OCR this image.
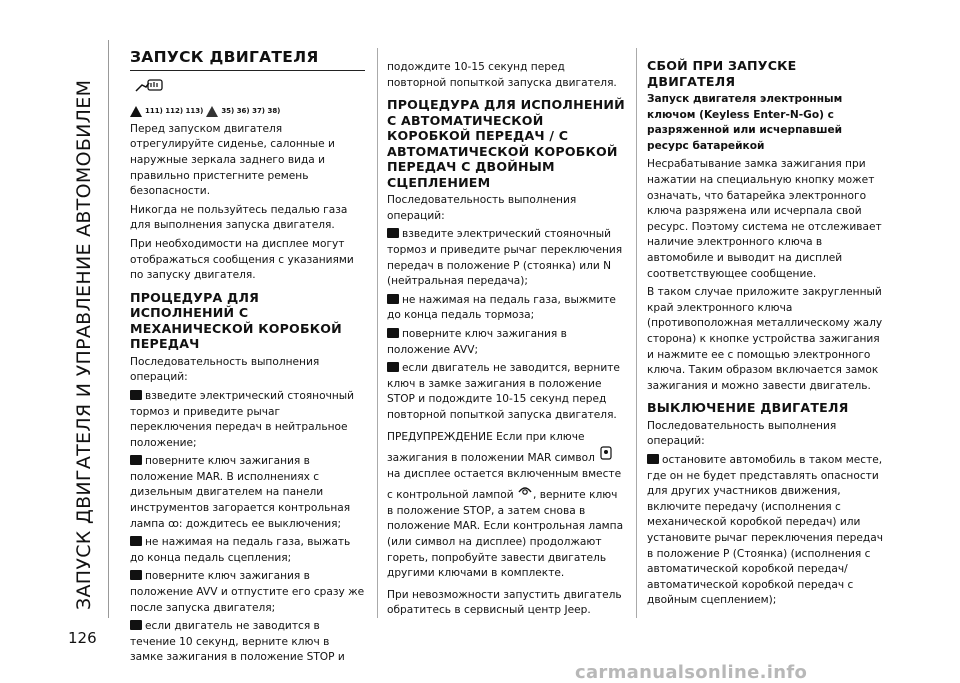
ЗАПУСК ДВИГАТЕЛЯ И УПРАВЛЕНИЕ АВТОМОБИЛЕМ
126
ЗАПУСК ДВИГАТЕЛЯ
111) 112) 113)	35) 36) 37) 38)

Перед запуском двигателя отрегулируйте сиденье, салонные и наружные зеркала заднего вида и правильно пристегните ремень безопасности.

Никогда не пользуйтесь педалью газа для выполнения запуска двигателя.

При необходимости на дисплее могут отображаться сообщения с указаниями по запуску двигателя.

ПРОЦЕДУРА ДЛЯ ИСПОЛНЕНИЙ С МЕХАНИЧЕСКОЙ КОРОБКОЙ ПЕРЕДАЧ

Последовательность выполнения операций:

взведите электрический стояночный тормоз и приведите рычаг переключения передач в нейтральное положение;

поверните ключ зажигания в положение MAR. В исполнениях с дизельным двигателем на панели инструментов загорается контрольная лампа ꝏ: дождитесь ее выключения;

не нажимая на педаль газа, выжать до конца педаль сцепления;

поверните ключ зажигания в положение AVV и отпустите его сразу же после запуска двигателя;

если двигатель не заводится в течение 10 секунд, верните ключ в замке зажигания в положение STOP и

подождите 10-15 секунд перед повторной попыткой запуска двигателя.

ПРОЦЕДУРА ДЛЯ ИСПОЛНЕНИЙ С АВТОМАТИЧЕСКОЙ КОРОБКОЙ ПЕРЕДАЧ / С АВТОМАТИЧЕСКОЙ КОРОБКОЙ ПЕРЕДАЧ С ДВОЙНЫМ СЦЕПЛЕНИЕМ

Последовательность выполнения операций:

взведите электрический стояночный тормоз и приведите рычаг переключения передач в положение P (стоянка) или N (нейтральная передача);

не нажимая на педаль газа, выжмите до конца педаль тормоза;

поверните ключ зажигания в положение AVV;

если двигатель не заводится, верните ключ в замке зажигания в положение STOP и подождите 10-15 секунд перед повторной попыткой запуска двигателя.

ПРЕДУПРЕЖДЕНИЕ Если при ключе зажигания в положении MAR символ  на дисплее остается включенным вместе с контрольной лампой , верните ключ в положение STOP, а затем снова в положение MAR. Если контрольная лампа (или символ на дисплее) продолжают гореть, попробуйте завести двигатель другими ключами в комплекте.

При невозможности запустить двигатель обратитесь в сервисный центр Jeep.

СБОЙ ПРИ ЗАПУСКЕ ДВИГАТЕЛЯ

Запуск двигателя электронным ключом (Keyless Enter-N-Go) с разряженной или исчерпавшей ресурс батарейкой

Несрабатывание замка зажигания при нажатии на специальную кнопку может означать, что батарейка электронного ключа разряжена или исчерпала свой ресурс. Поэтому система не отслеживает наличие электронного ключа в автомобиле и выводит на дисплей соответствующее сообщение.

В таком случае приложите закругленный край электронного ключа (противоположная металлическому жалу сторона) к кнопке устройства зажигания и нажмите ее с помощью электронного ключа. Таким образом включается замок зажигания и можно завести двигатель.

ВЫКЛЮЧЕНИЕ ДВИГАТЕЛЯ

Последовательность выполнения операций:

остановите автомобиль в таком месте, где он не будет представлять опасности для других участников движения, включите передачу (исполнения с механической коробкой передач) или установите рычаг переключения передач в положение P (Стоянка) (исполнения с автоматической коробкой передач/автоматической коробкой передач с двойным сцеплением);

carmanualsonline.info
